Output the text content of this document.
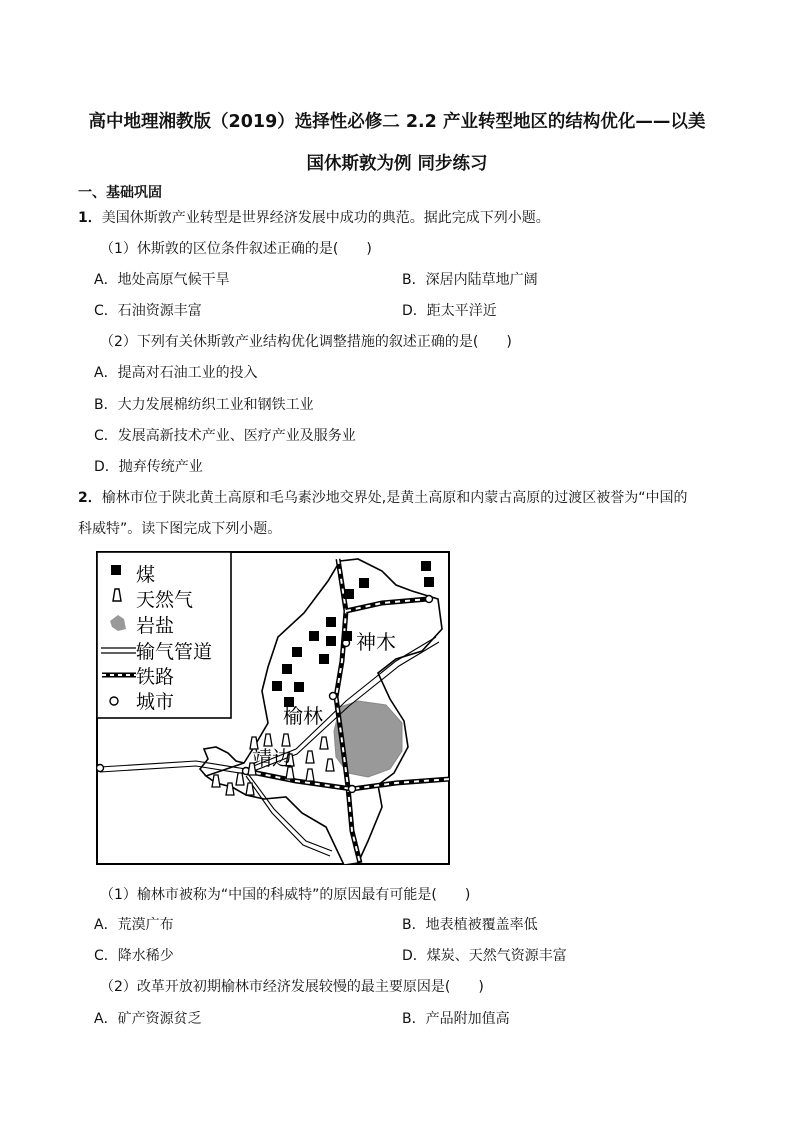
高中地理湘教版（2019）选择性必修二 2.2 产业转型地区的结构优化——以美
国休斯敦为例 同步练习
一、基础巩固
1．美国休斯敦产业转型是世界经济发展中成功的典范。据此完成下列小题。
（1）休斯敦的区位条件叙述正确的是(　　)
A．地处高原气候干旱	B．深居内陆草地广阔
C．石油资源丰富	D．距太平洋近
（2）下列有关休斯敦产业结构优化调整措施的叙述正确的是(　　)
A．提高对石油工业的投入
B．大力发展棉纺织工业和钢铁工业
C．发展高新技术产业、医疗产业及服务业
D．抛弃传统产业
2．榆林市位于陕北黄土高原和毛乌素沙地交界处,是黄土高原和内蒙古高原的过渡区被誉为“中国的
科威特”。读下图完成下列小题。
煤
天然气
岩盐
输气管道
铁路
城市
神木
榆林
靖边
（1）榆林市被称为“中国的科威特”的原因最有可能是(　　)
A．荒漠广布	B．地表植被覆盖率低
C．降水稀少	D．煤炭、天然气资源丰富
（2）改革开放初期榆林市经济发展较慢的最主要原因是(　　)
A．矿产资源贫乏	B．产品附加值高
